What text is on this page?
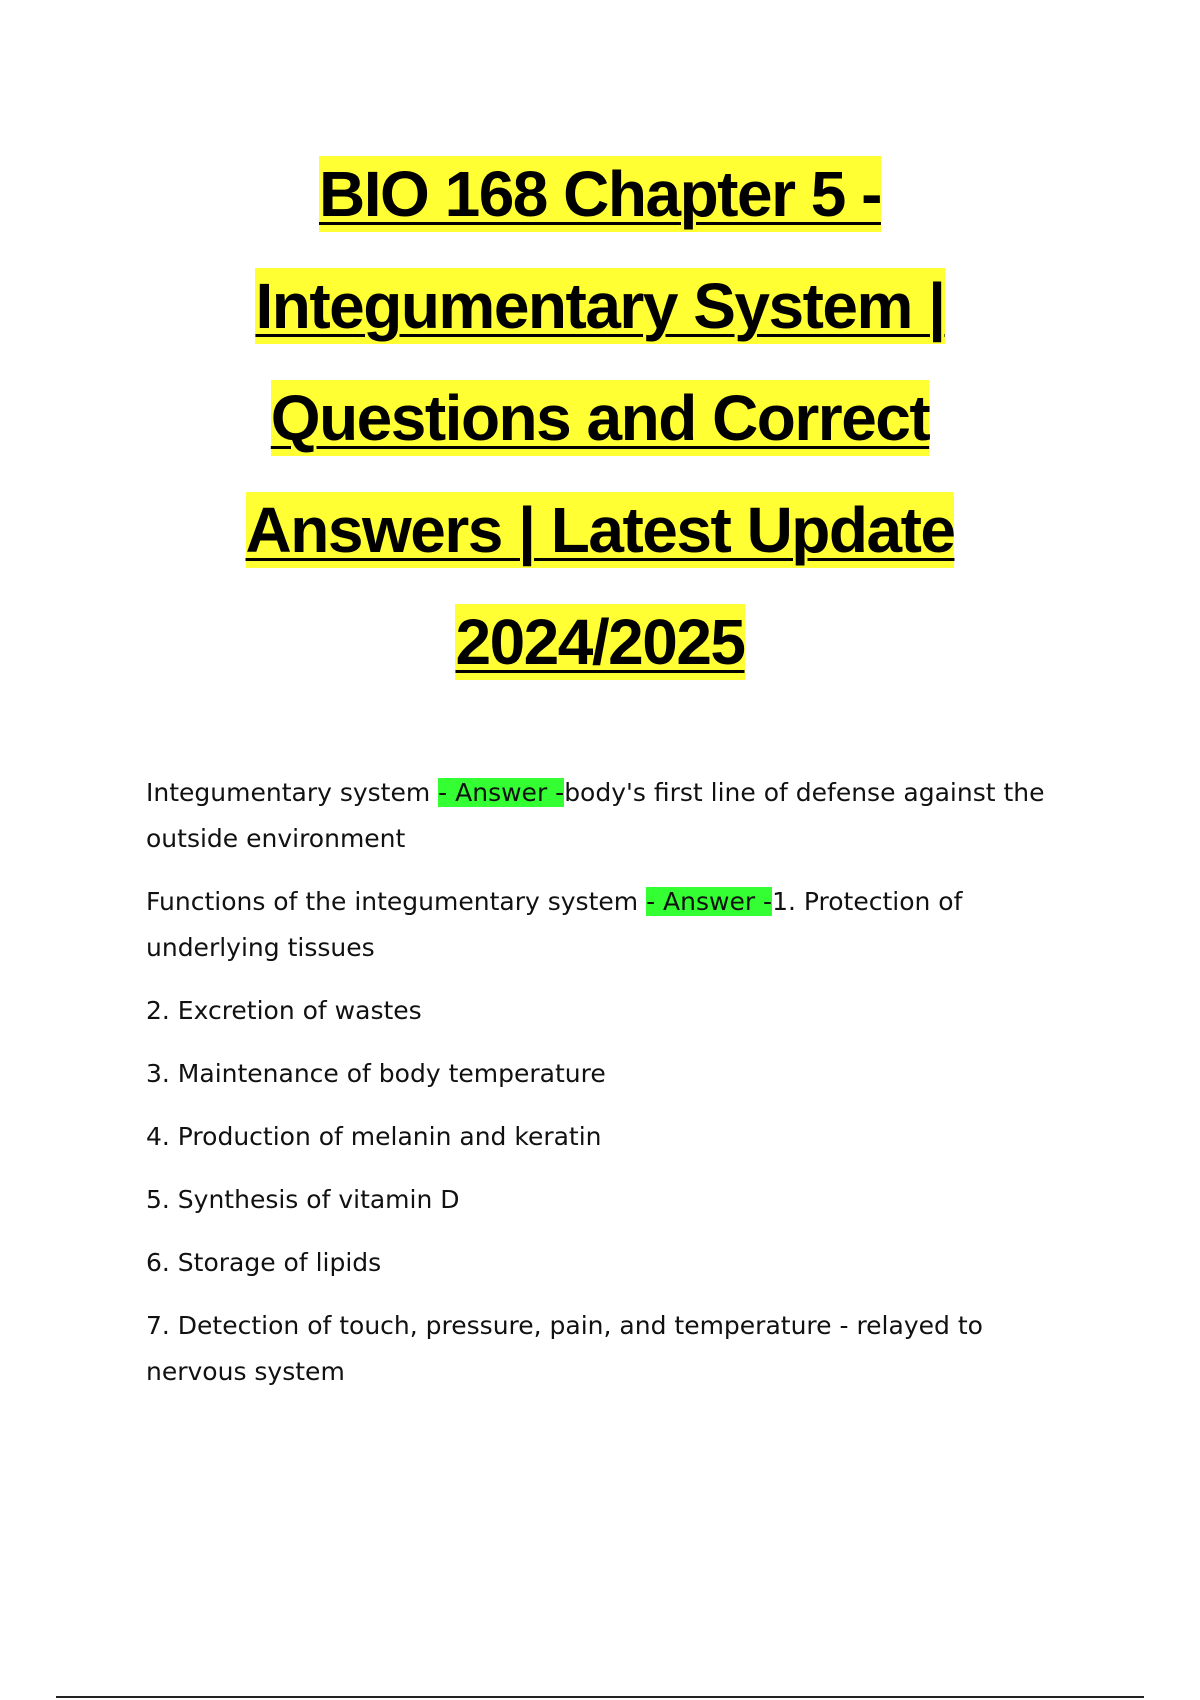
BIO 168 Chapter 5 -
Integumentary System |
Questions and Correct
Answers | Latest Update
2024/2025

Integumentary system - Answer -body's first line of defense against the outside environment

Functions of the integumentary system - Answer -1. Protection of underlying tissues

2. Excretion of wastes

3. Maintenance of body temperature

4. Production of melanin and keratin

5. Synthesis of vitamin D

6. Storage of lipids

7. Detection of touch, pressure, pain, and temperature - relayed to nervous system
